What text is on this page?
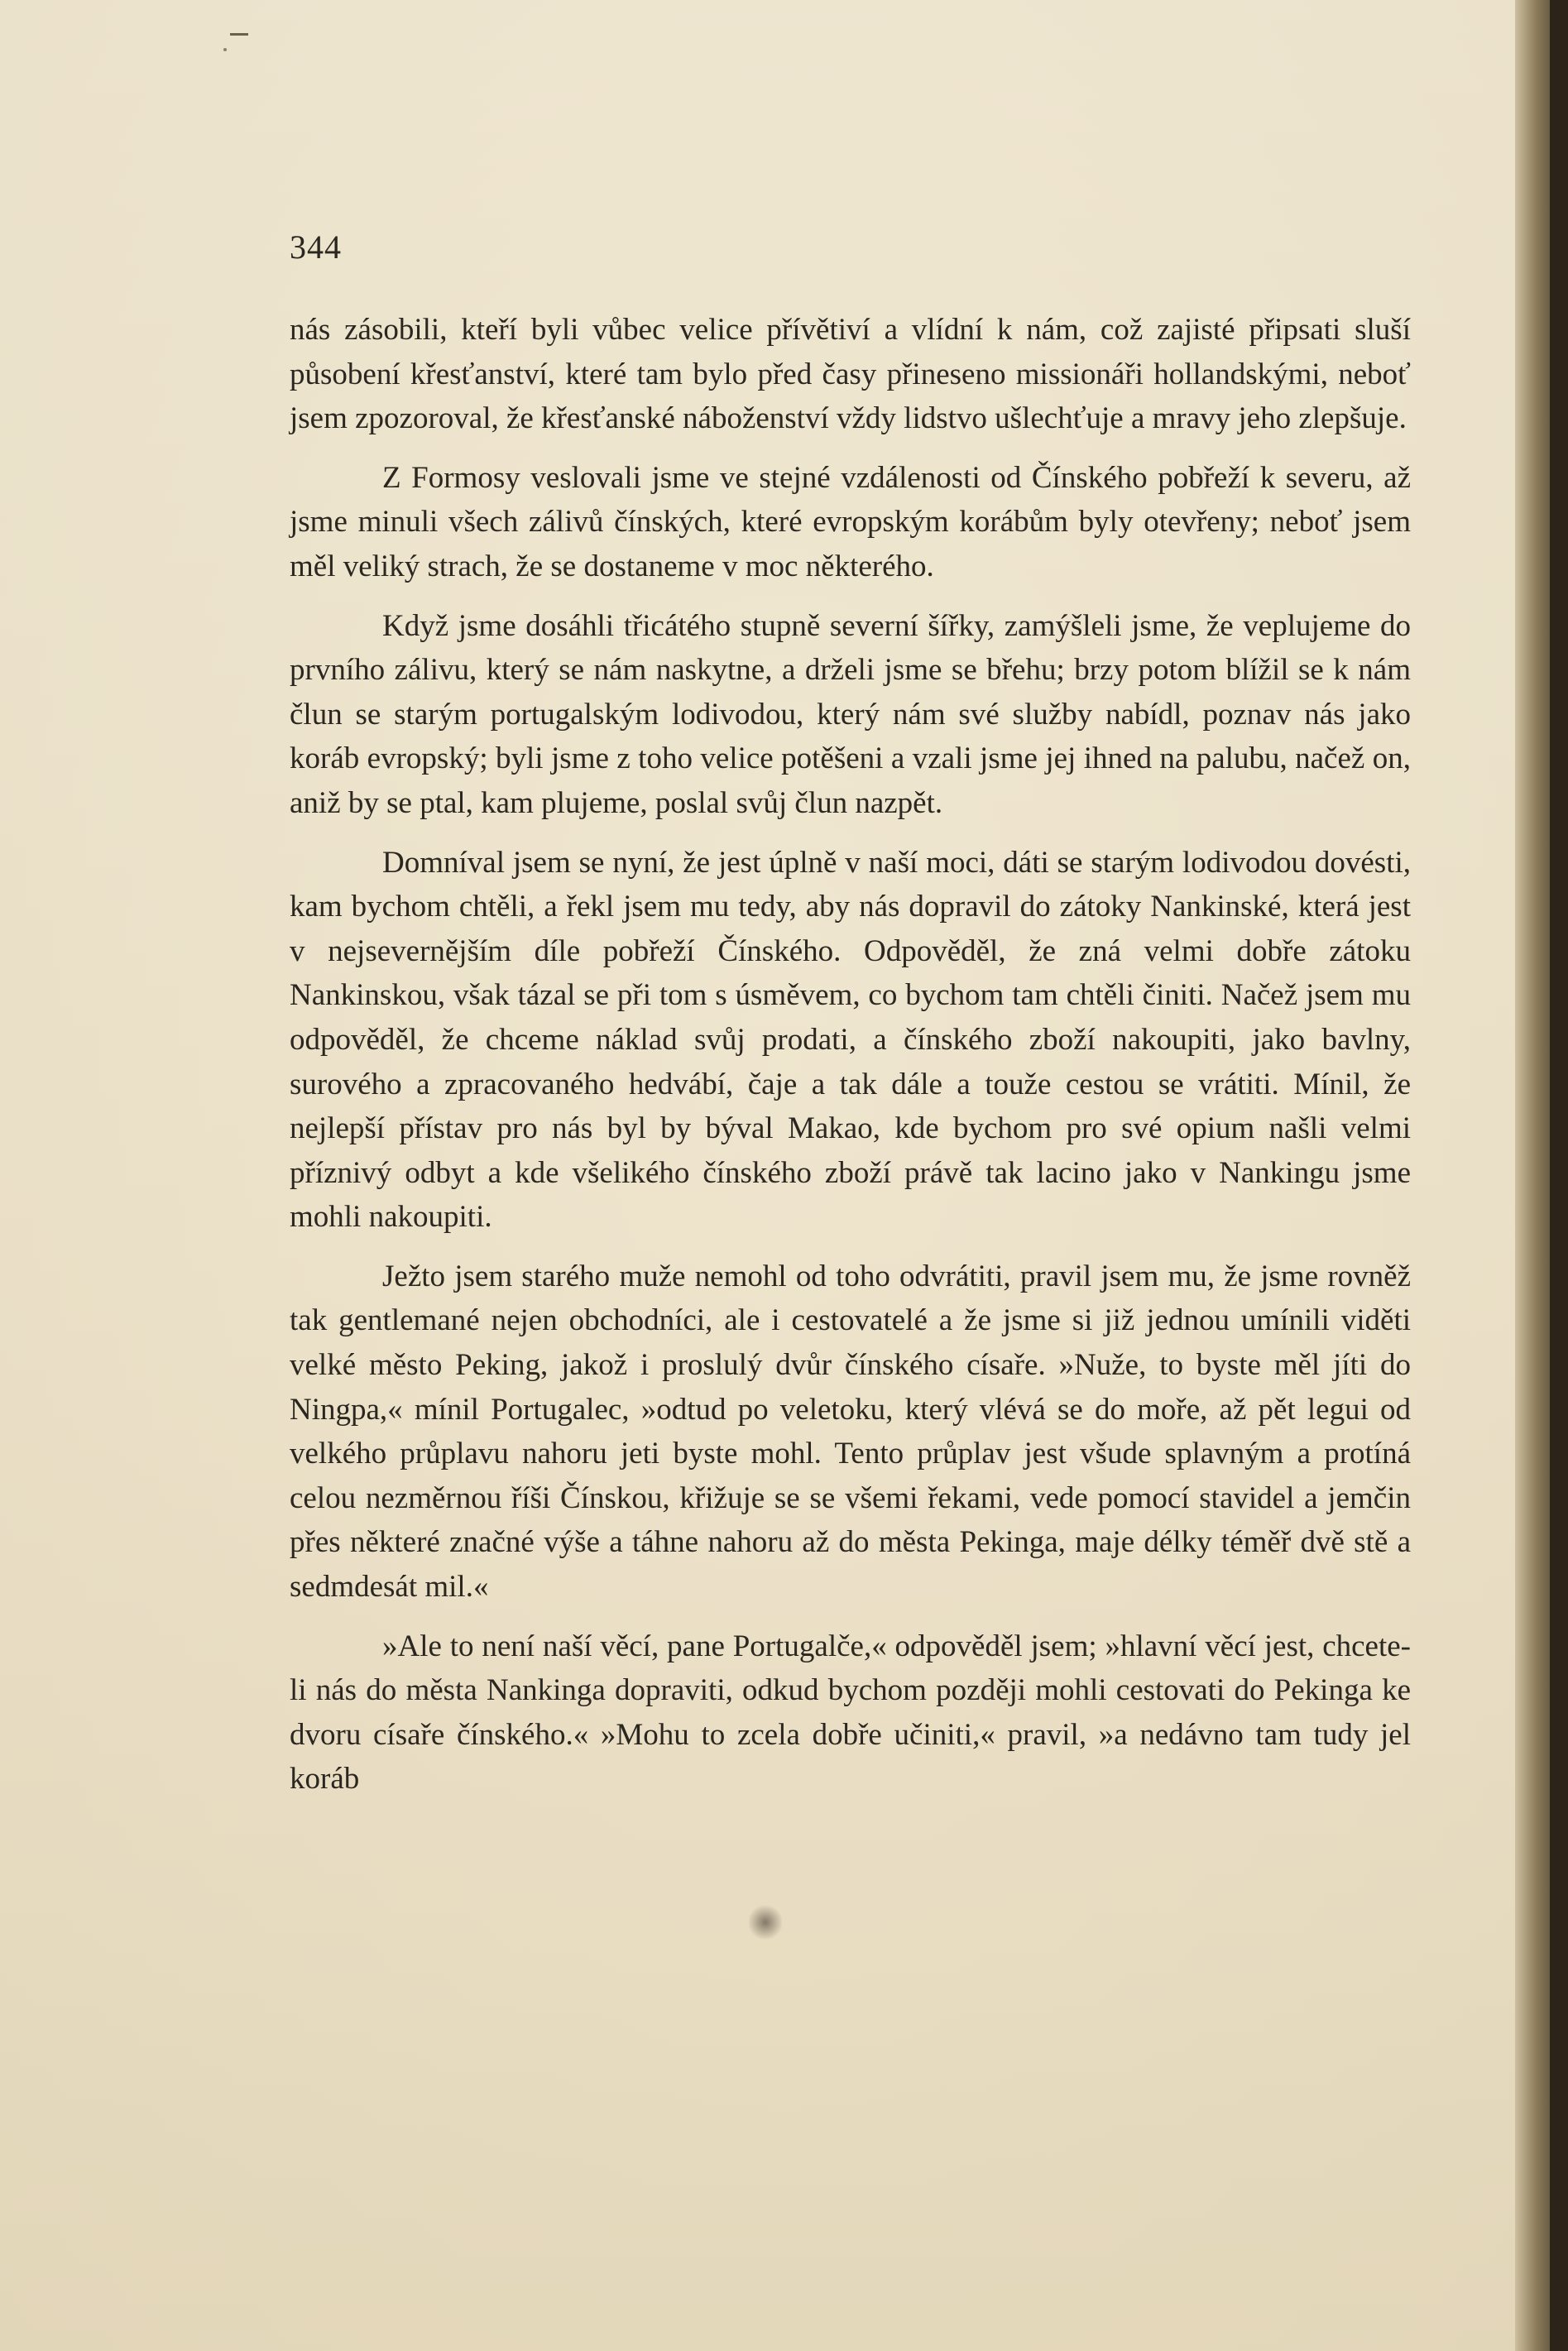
344

nás zásobili, kteří byli vůbec velice přívětiví a vlídní k nám, což zajisté připsati sluší působení křesťanství, které tam bylo před časy přineseno missionáři hollandskými, neboť jsem zpozoroval, že křesťanské náboženství vždy lidstvo ušlechťuje a mravy jeho zlepšuje.

Z Formosy veslovali jsme ve stejné vzdálenosti od Čínského pobřeží k severu, až jsme minuli všech zálivů čínských, které evropským korábům byly otevřeny; neboť jsem měl veliký strach, že se dostaneme v moc některého.

Když jsme dosáhli třicátého stupně severní šířky, zamýšleli jsme, že veplujeme do prvního zálivu, který se nám naskytne, a drželi jsme se břehu; brzy potom blížil se k nám člun se starým portugalským lodivodou, který nám své služby nabídl, poznav nás jako koráb evropský; byli jsme z toho velice potěšeni a vzali jsme jej ihned na palubu, načež on, aniž by se ptal, kam plujeme, poslal svůj člun nazpět.

Domníval jsem se nyní, že jest úplně v naší moci, dáti se starým lodivodou dovésti, kam bychom chtěli, a řekl jsem mu tedy, aby nás dopravil do zátoky Nankinské, která jest v nejsevernějším díle pobřeží Čínského. Odpověděl, že zná velmi dobře zátoku Nankinskou, však tázal se při tom s úsměvem, co bychom tam chtěli činiti. Načež jsem mu odpověděl, že chceme náklad svůj prodati, a čínského zboží nakoupiti, jako bavlny, surového a zpracovaného hedvábí, čaje a tak dále a touže cestou se vrátiti. Mínil, že nejlepší přístav pro nás byl by býval Makao, kde bychom pro své opium našli velmi příznivý odbyt a kde všelikého čínského zboží právě tak lacino jako v Nankingu jsme mohli nakoupiti.

Ježto jsem starého muže nemohl od toho odvrátiti, pravil jsem mu, že jsme rovněž tak gentlemané nejen obchodníci, ale i cestovatelé a že jsme si již jednou umínili viděti velké město Peking, jakož i proslulý dvůr čínského císaře. »Nuže, to byste měl jíti do Ningpa,« mínil Portugalec, »odtud po veletoku, který vlévá se do moře, až pět legui od velkého průplavu nahoru jeti byste mohl. Tento průplav jest všude splavným a protíná celou nezměrnou říši Čínskou, křižuje se se všemi řekami, vede pomocí stavidel a jemčin přes některé značné výše a táhne nahoru až do města Pekinga, maje délky téměř dvě stě a sedmdesát mil.«

»Ale to není naší věcí, pane Portugalče,« odpověděl jsem; »hlavní věcí jest, chcete-li nás do města Nankinga dopraviti, odkud bychom později mohli cestovati do Pekinga ke dvoru císaře čínského.« »Mohu to zcela dobře učiniti,« pravil, »a nedávno tam tudy jel koráb
